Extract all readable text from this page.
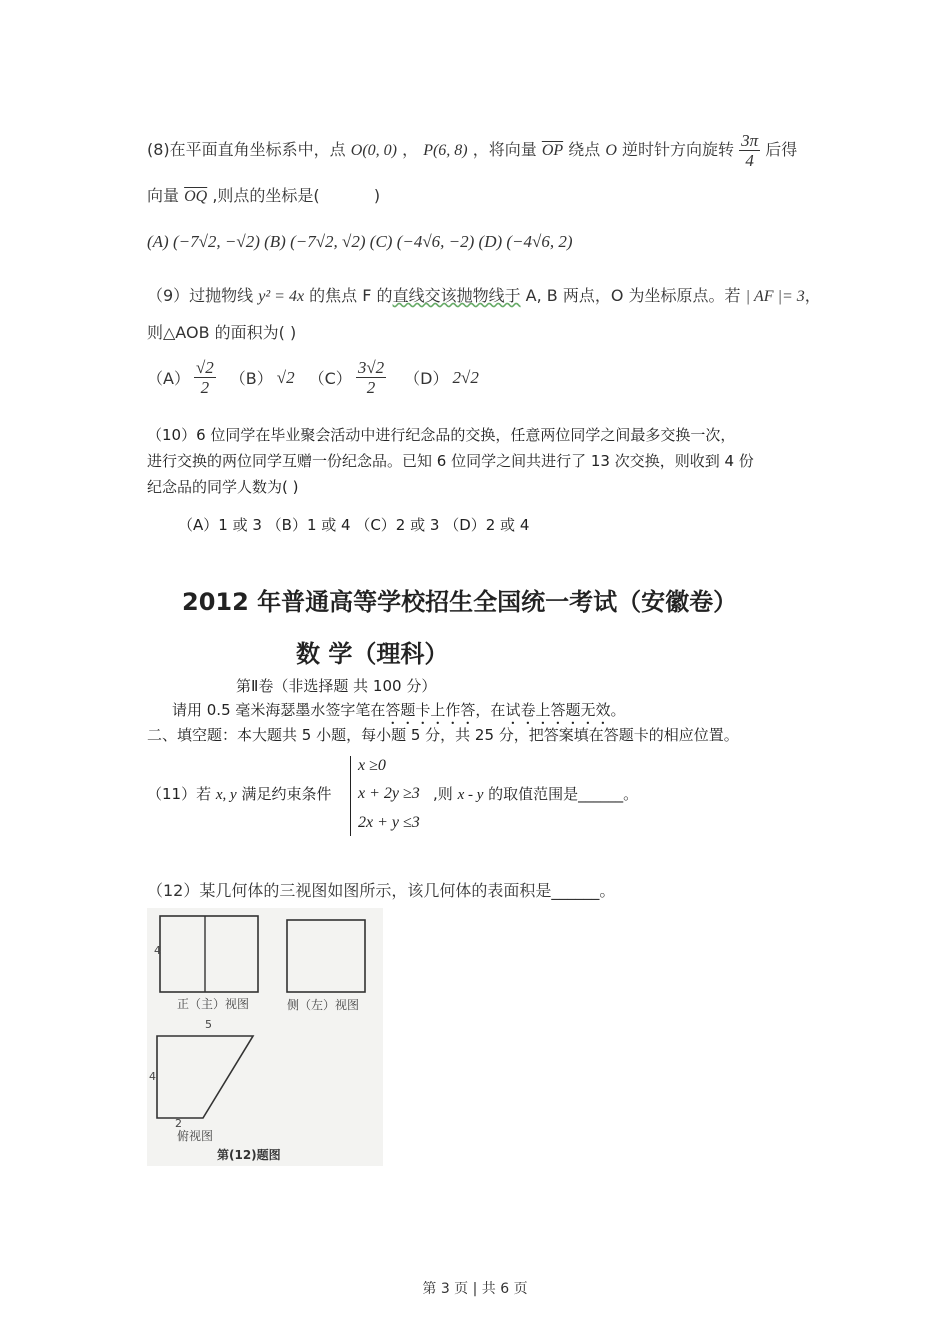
(8)在平面直角坐标系中，点 O(0, 0) ， P(6, 8) ，将向量 $\overline{OP}$ 绕点 O 逆时针方向旋转 $\frac{3\pi}{4}$ 后得
向量 $\overline{OQ}$ ,则点的坐标是(	)
(A) (−7√2, −√2) (B) (−7√2, √2) (C) (−4√6, −2) (D) (−4√6, 2)
（9）过抛物线 y² = 4x 的焦点 F 的直线交该抛物线于 A, B 两点，O 为坐标原点。若 | AF |= 3，
则△AOB 的面积为( )
$(A) \frac{√2}{2} (B)$ √2 $(C) \frac{3√2}{2} (D)$ 2√2
（10）6 位同学在毕业聚会活动中进行纪念品的交换，任意两位同学之间最多交换一次，
进行交换的两位同学互赠一份纪念品。已知 6 位同学之间共进行了 13 次交换，则收到 4 份
纪念品的同学人数为( )
（A）1 或 3 （B）1 或 4 （C）2 或 3 （D）2 或 4
2012 年普通高等学校招生全国统一考试（安徽卷）
数 学（理科）
第Ⅱ卷（非选择题 共 100 分）
请用 0.5 毫米海瑟墨水签字笔在答题卡上作答，在试卷上答题无效。
二、填空题：本大题共 5 小题，每小题 5 分，共 25 分，把答案填在答题卡的相应位置。
（11）若 x, y 满足约束条件
x ≥0
x + 2y ≥3
2x + y ≤3
,则 x - y 的取值范围是______。
（12）某几何体的三视图如图所示，该几何体的表面积是______。
4
正（主）视图	侧（左）视图
5
4
2
俯视图
第(12)题图
第 3 页 | 共 6 页
